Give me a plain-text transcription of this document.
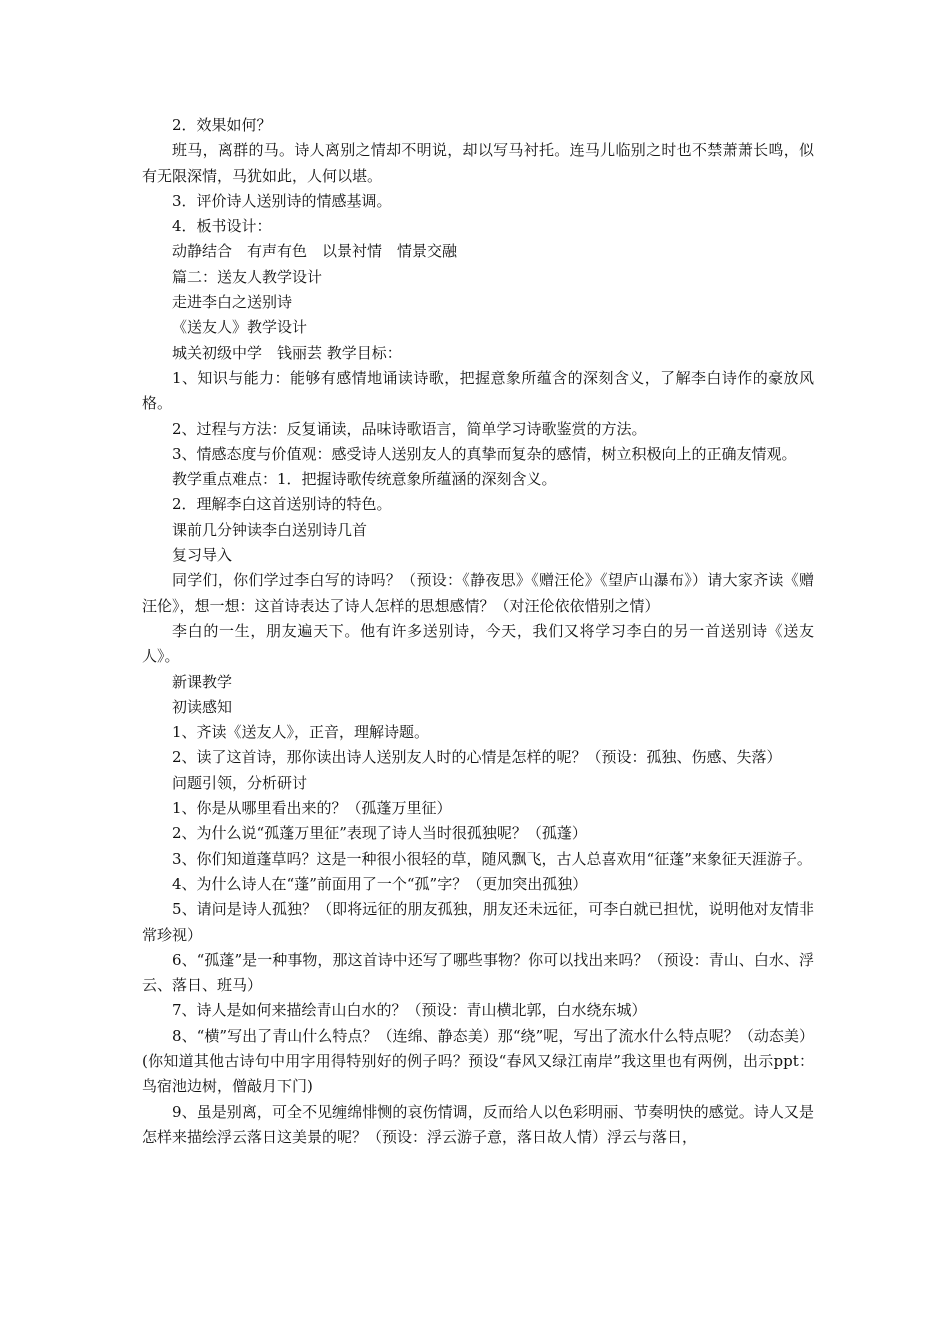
2．效果如何？

班马，离群的马。诗人离别之情却不明说，却以写马衬托。连马儿临别之时也不禁萧萧长鸣，似有无限深情，马犹如此，人何以堪。

3．评价诗人送别诗的情感基调。

4．板书设计：

动静结合　有声有色　以景衬情　情景交融

篇二：送友人教学设计

走进李白之送别诗

《送友人》教学设计

城关初级中学　钱丽芸 教学目标：

1、知识与能力：能够有感情地诵读诗歌，把握意象所蕴含的深刻含义，了解李白诗作的豪放风格。

2、过程与方法：反复诵读，品味诗歌语言，简单学习诗歌鉴赏的方法。

3、情感态度与价值观：感受诗人送别友人的真挚而复杂的感情，树立积极向上的正确友情观。

教学重点难点：1．把握诗歌传统意象所蕴涵的深刻含义。

2．理解李白这首送别诗的特色。

课前几分钟读李白送别诗几首

复习导入

同学们，你们学过李白写的诗吗？（预设：《静夜思》《赠汪伦》《望庐山瀑布》）请大家齐读《赠汪伦》，想一想：这首诗表达了诗人怎样的思想感情？（对汪伦依依惜别之情）

李白的一生，朋友遍天下。他有许多送别诗，今天，我们又将学习李白的另一首送别诗《送友人》。

新课教学

初读感知

1、齐读《送友人》，正音，理解诗题。

2、读了这首诗，那你读出诗人送别友人时的心情是怎样的呢？（预设：孤独、伤感、失落）

问题引领，分析研讨

1、你是从哪里看出来的？（孤蓬万里征）

2、为什么说“孤蓬万里征”表现了诗人当时很孤独呢？（孤蓬）

3、你们知道蓬草吗？这是一种很小很轻的草，随风飘飞，古人总喜欢用“征蓬”来象征天涯游子。

4、为什么诗人在“蓬”前面用了一个“孤”字？（更加突出孤独）

5、请问是诗人孤独？（即将远征的朋友孤独，朋友还未远征，可李白就已担忧，说明他对友情非常珍视）

6、“孤蓬”是一种事物，那这首诗中还写了哪些事物？你可以找出来吗？（预设：青山、白水、浮云、落日、班马）

7、诗人是如何来描绘青山白水的？（预设：青山横北郭，白水绕东城）

8、“横”写出了青山什么特点？（连绵、静态美）那“绕”呢，写出了流水什么特点呢？（动态美）(你知道其他古诗句中用字用得特别好的例子吗？预设“春风又绿江南岸”我这里也有两例，出示ppt：鸟宿池边树，僧敲月下门)

9、虽是别离，可全不见缠绵悱恻的哀伤情调，反而给人以色彩明丽、节奏明快的感觉。诗人又是怎样来描绘浮云落日这美景的呢？（预设：浮云游子意，落日故人情）浮云与落日，
